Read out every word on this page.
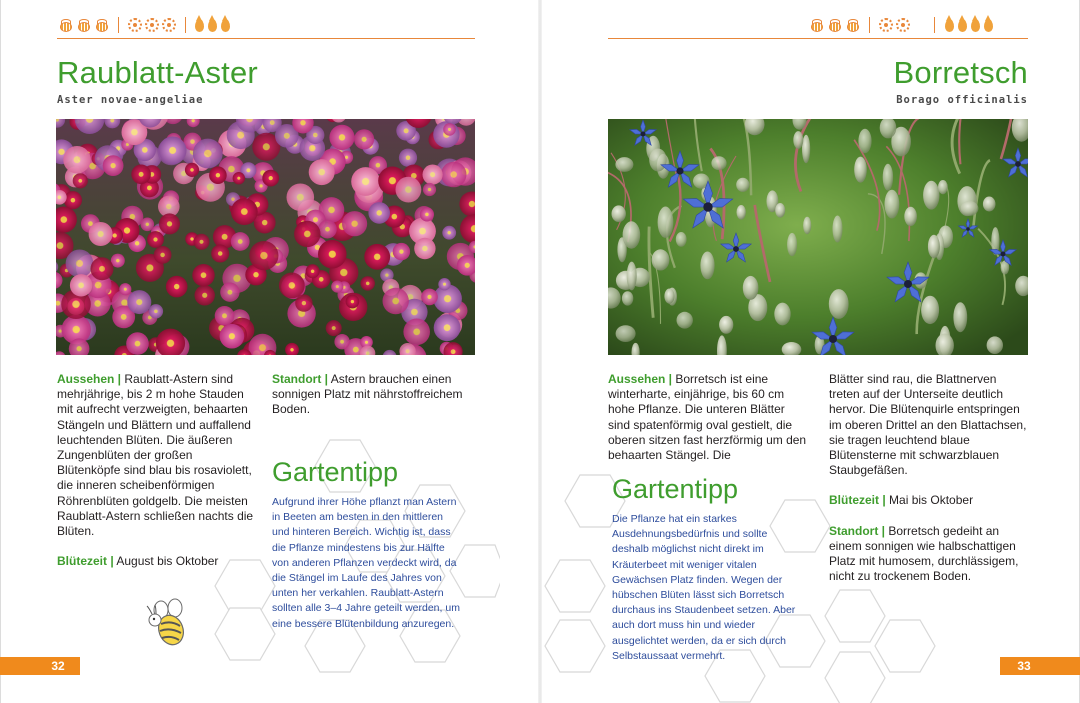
Raublatt-Aster
Aster novae-angeliae

Aussehen | Raublatt-Astern sind mehrjährige, bis 2 m hohe Stauden mit aufrecht verzweigten, behaarten Stängeln und Blättern und auffallend leuchtenden Blüten. Die äußeren Zungenblüten der großen Blütenköpfe sind blau bis rosaviolett, die inneren scheibenförmigen Röhrenblüten goldgelb. Die meisten Raublatt-Astern schließen nachts die Blüten.

Blütezeit | August bis Oktober

Standort | Astern brauchen einen sonnigen Platz mit nährstoffreichem Boden.

Gartentipp
Aufgrund ihrer Höhe pflanzt man Astern in Beeten am besten in den mittleren und hinteren Bereich. Wichtig ist, dass die Pflanze mindestens bis zur Hälfte von anderen Pflanzen verdeckt wird, da die Stängel im Laufe des Jahres von unten her verkahlen. Raublatt-Astern sollten alle 3–4 Jahre geteilt werden, um eine bessere Blütenbildung anzuregen.
32
Borretsch
Borago officinalis

Aussehen | Borretsch ist eine winterharte, einjährige, bis 60 cm hohe Pflanze. Die unteren Blätter sind spatenförmig oval gestielt, die oberen sitzen fast herzförmig um den behaarten Stängel. Die

Blätter sind rau, die Blattnerven treten auf der Unterseite deutlich hervor. Die Blütenquirle entspringen im oberen Drittel an den Blattachsen, sie tragen leuchtend blaue Blütensterne mit schwarzblauen Staubgefäßen.

Blütezeit | Mai bis Oktober

Standort | Borretsch gedeiht an einem sonnigen wie halbschattigen Platz mit humosem, durchlässigem, nicht zu trockenem Boden.

Gartentipp
Die Pflanze hat ein starkes Ausdehnungsbedürfnis und sollte deshalb möglichst nicht direkt im Kräuterbeet mit weniger vitalen Gewächsen Platz finden. Wegen der hübschen Blüten lässt sich Borretsch durchaus ins Staudenbeet setzen. Aber auch dort muss hin und wieder ausgelichtet werden, da er sich durch Selbstaussaat vermehrt.
33
